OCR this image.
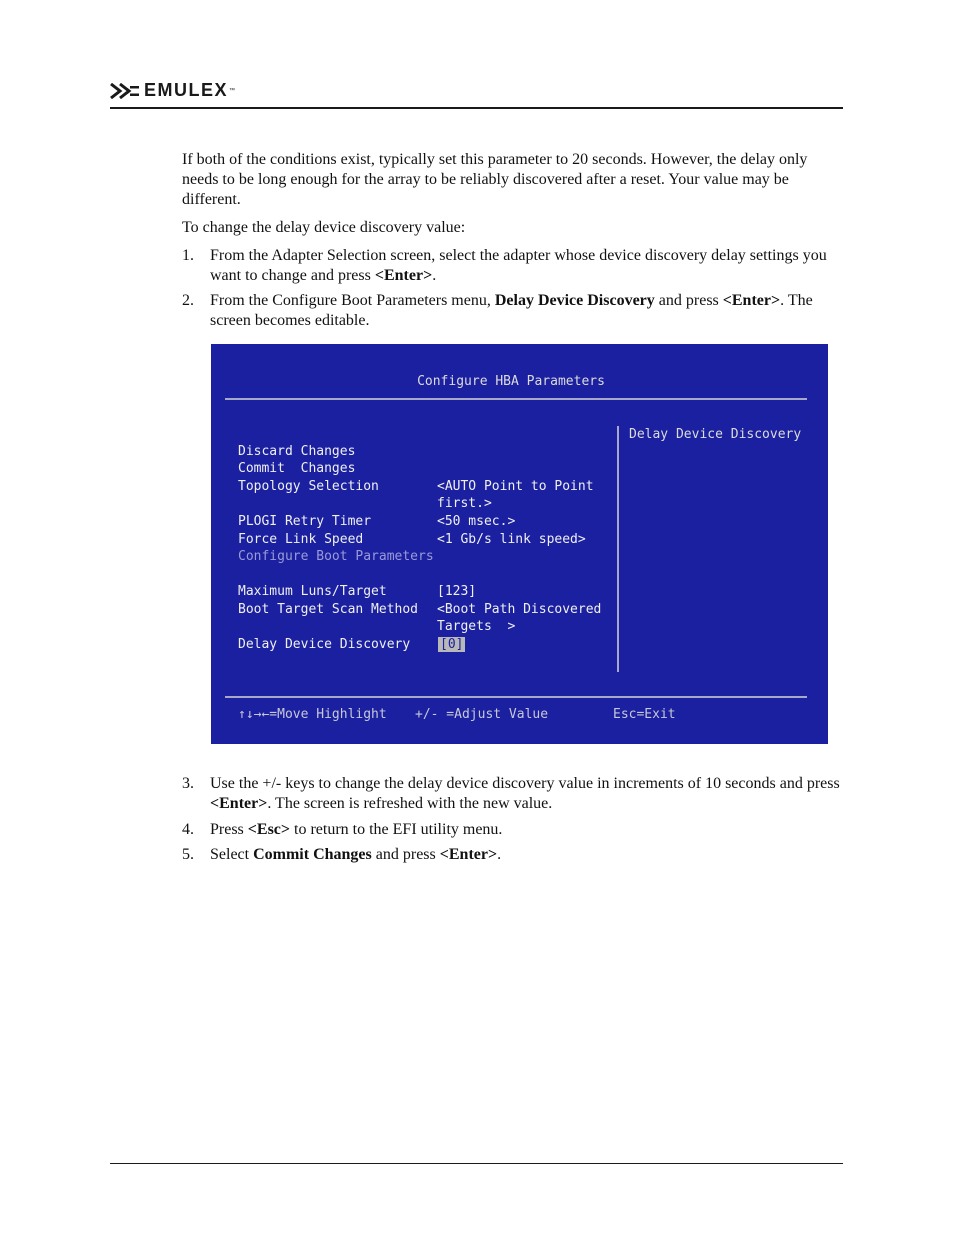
EMULEX ™
If both of the conditions exist, typically set this parameter to 20 seconds. However, the delay only needs to be long enough for the array to be reliably discovered after a reset. Your value may be different.
To change the delay device discovery value:
1. From the Adapter Selection screen, select the adapter whose device discovery delay settings you want to change and press <Enter>.
2. From the Configure Boot Parameters menu, Delay Device Discovery and press <Enter>. The screen becomes editable.
Configure HBA Parameters
Delay Device Discovery
Discard Changes
Commit  Changes
Topology Selection	<AUTO Point to Point
first.>
PLOGI Retry Timer	<50 msec.>
Force Link Speed	<1 Gb/s link speed>
Configure Boot Parameters
Maximum Luns/Target	[123]
Boot Target Scan Method <Boot Path Discovered
Targets  >
Delay Device Discovery [0]
↑↓→←=Move Highlight +/- =Adjust Value	Esc=Exit
3. Use the +/- keys to change the delay device discovery value in increments of 10 seconds and press <Enter>. The screen is refreshed with the new value.
4. Press <Esc> to return to the EFI utility menu.
5. Select Commit Changes and press <Enter>.
